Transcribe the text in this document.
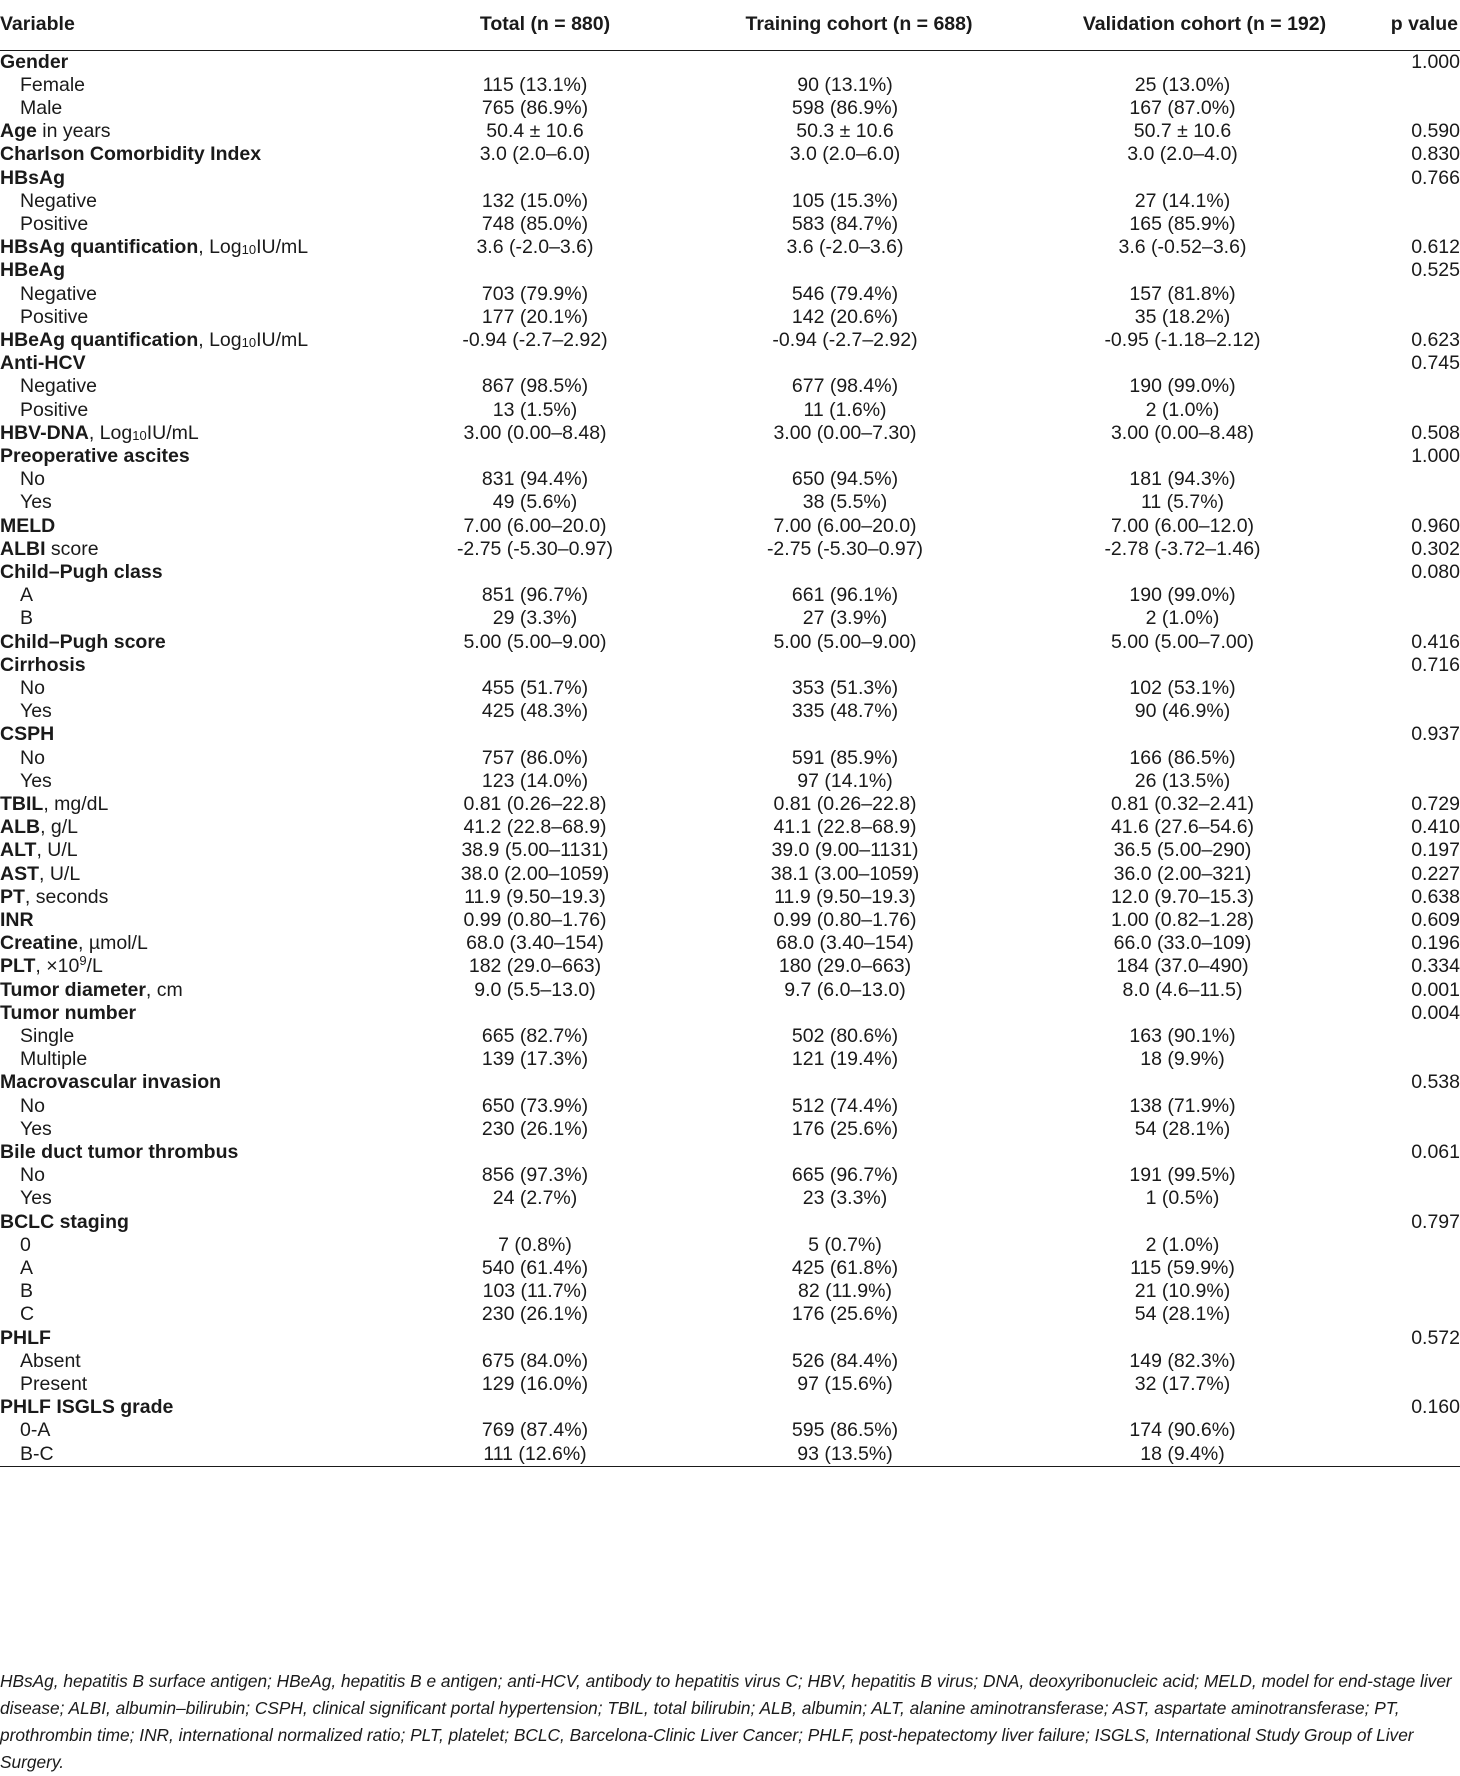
Variable	Total (n = 880)	Training cohort (n = 688)	Validation cohort (n = 192)	p value
Gender				1.000
Female	115 (13.1%)	90 (13.1%)	25 (13.0%)	
Male	765 (86.9%)	598 (86.9%)	167 (87.0%)	
Age in years	50.4 ± 10.6	50.3 ± 10.6	50.7 ± 10.6	0.590
Charlson Comorbidity Index	3.0 (2.0–6.0)	3.0 (2.0–6.0)	3.0 (2.0–4.0)	0.830
HBsAg				0.766
Negative	132 (15.0%)	105 (15.3%)	27 (14.1%)	
Positive	748 (85.0%)	583 (84.7%)	165 (85.9%)	
HBsAg quantification, Log$_{10}$IU/mL	3.6 (-2.0–3.6)	3.6 (-2.0–3.6)	3.6 (-0.52–3.6)	0.612
HBeAg				0.525
Negative	703 (79.9%)	546 (79.4%)	157 (81.8%)	
Positive	177 (20.1%)	142 (20.6%)	35 (18.2%)	
HBeAg quantification, Log$_{10}$IU/mL	-0.94 (-2.7–2.92)	-0.94 (-2.7–2.92)	-0.95 (-1.18–2.12)	0.623
Anti-HCV				0.745
Negative	867 (98.5%)	677 (98.4%)	190 (99.0%)	
Positive	13 (1.5%)	11 (1.6%)	2 (1.0%)	
HBV-DNA, Log$_{10}$IU/mL	3.00 (0.00–8.48)	3.00 (0.00–7.30)	3.00 (0.00–8.48)	0.508
Preoperative ascites				1.000
No	831 (94.4%)	650 (94.5%)	181 (94.3%)	
Yes	49 (5.6%)	38 (5.5%)	11 (5.7%)	
MELD	7.00 (6.00–20.0)	7.00 (6.00–20.0)	7.00 (6.00–12.0)	0.960
ALBI score	-2.75 (-5.30–0.97)	-2.75 (-5.30–0.97)	-2.78 (-3.72–1.46)	0.302
Child–Pugh class				0.080
A	851 (96.7%)	661 (96.1%)	190 (99.0%)	
B	29 (3.3%)	27 (3.9%)	2 (1.0%)	
Child–Pugh score	5.00 (5.00–9.00)	5.00 (5.00–9.00)	5.00 (5.00–7.00)	0.416
Cirrhosis				0.716
No	455 (51.7%)	353 (51.3%)	102 (53.1%)	
Yes	425 (48.3%)	335 (48.7%)	90 (46.9%)	
CSPH				0.937
No	757 (86.0%)	591 (85.9%)	166 (86.5%)	
Yes	123 (14.0%)	97 (14.1%)	26 (13.5%)	
TBIL, mg/dL	0.81 (0.26–22.8)	0.81 (0.26–22.8)	0.81 (0.32–2.41)	0.729
ALB, g/L	41.2 (22.8–68.9)	41.1 (22.8–68.9)	41.6 (27.6–54.6)	0.410
ALT, U/L	38.9 (5.00–1131)	39.0 (9.00–1131)	36.5 (5.00–290)	0.197
AST, U/L	38.0 (2.00–1059)	38.1 (3.00–1059)	36.0 (2.00–321)	0.227
PT, seconds	11.9 (9.50–19.3)	11.9 (9.50–19.3)	12.0 (9.70–15.3)	0.638
INR	0.99 (0.80–1.76)	0.99 (0.80–1.76)	1.00 (0.82–1.28)	0.609
Creatine, µmol/L	68.0 (3.40–154)	68.0 (3.40–154)	66.0 (33.0–109)	0.196
PLT, $\times 10^9/L$	182 (29.0–663)	180 (29.0–663)	184 (37.0–490)	0.334
Tumor diameter, cm	9.0 (5.5–13.0)	9.7 (6.0–13.0)	8.0 (4.6–11.5)	0.001
Tumor number				0.004
Single	665 (82.7%)	502 (80.6%)	163 (90.1%)	
Multiple	139 (17.3%)	121 (19.4%)	18 (9.9%)	
Macrovascular invasion				0.538
No	650 (73.9%)	512 (74.4%)	138 (71.9%)	
Yes	230 (26.1%)	176 (25.6%)	54 (28.1%)	
Bile duct tumor thrombus				0.061
No	856 (97.3%)	665 (96.7%)	191 (99.5%)	
Yes	24 (2.7%)	23 (3.3%)	1 (0.5%)	
BCLC staging				0.797
0	7 (0.8%)	5 (0.7%)	2 (1.0%)	
A	540 (61.4%)	425 (61.8%)	115 (59.9%)	
B	103 (11.7%)	82 (11.9%)	21 (10.9%)	
C	230 (26.1%)	176 (25.6%)	54 (28.1%)	
PHLF				0.572
Absent	675 (84.0%)	526 (84.4%)	149 (82.3%)	
Present	129 (16.0%)	97 (15.6%)	32 (17.7%)	
PHLF ISGLS grade				0.160
0-A	769 (87.4%)	595 (86.5%)	174 (90.6%)	
B-C	111 (12.6%)	93 (13.5%)	18 (9.4%)	

HBsAg, hepatitis B surface antigen; HBeAg, hepatitis B e antigen; anti-HCV, antibody to hepatitis virus C; HBV, hepatitis B virus; DNA, deoxyribonucleic acid; MELD, model for end-stage liver disease; ALBI, albumin–bilirubin; CSPH, clinical significant portal hypertension; TBIL, total bilirubin; ALB, albumin; ALT, alanine aminotransferase; AST, aspartate aminotransferase; PT, prothrombin time; INR, international normalized ratio; PLT, platelet; BCLC, Barcelona-Clinic Liver Cancer; PHLF, post-hepatectomy liver failure; ISGLS, International Study Group of Liver Surgery.
